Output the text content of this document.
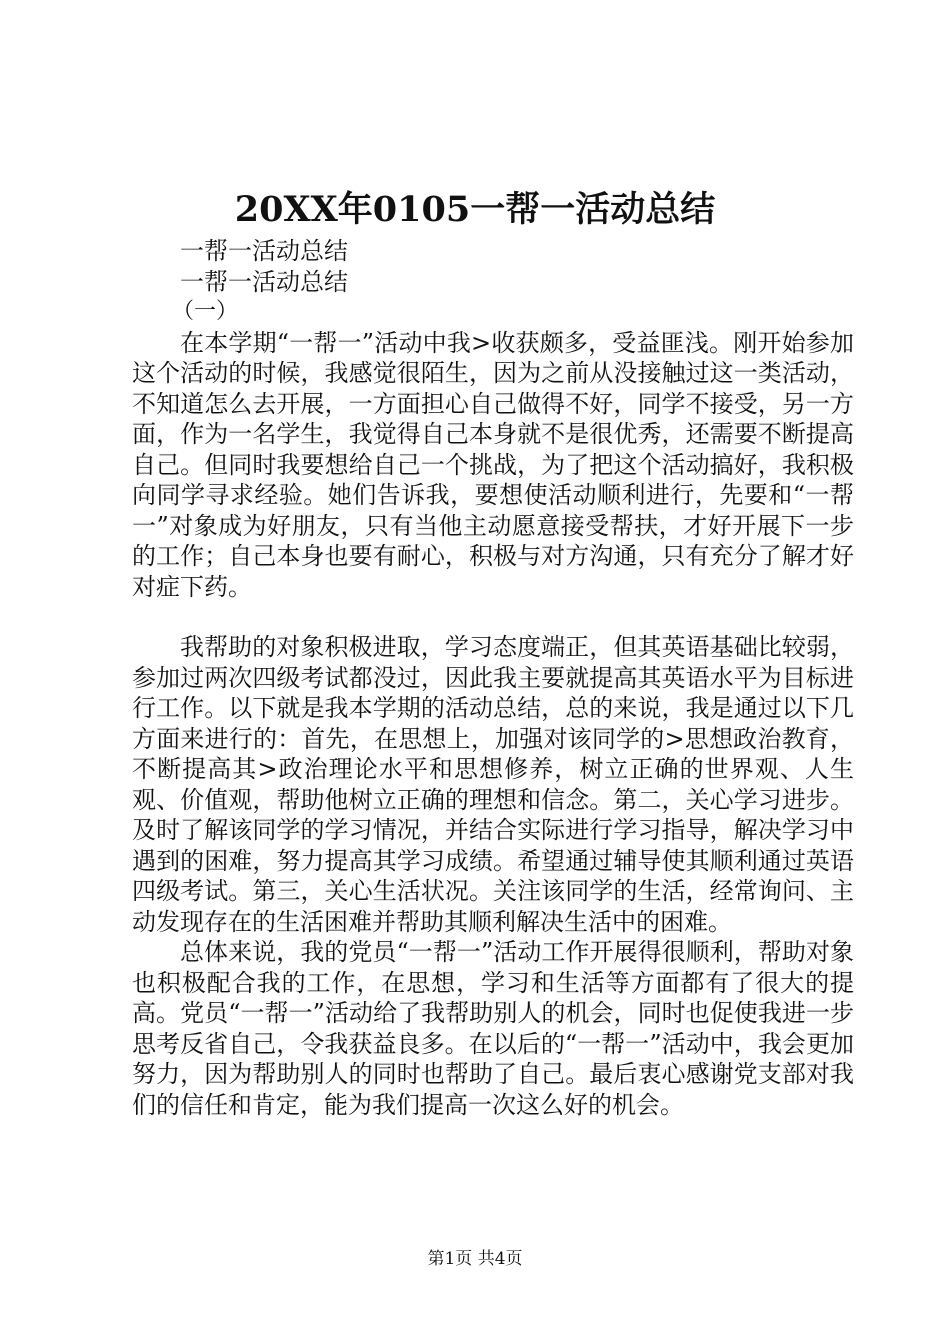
20XX年0105一帮一活动总结

一帮一活动总结

一帮一活动总结

（一）

在本学期“一帮一”活动中我>收获颇多，受益匪浅。刚开始参加这个活动的时候，我感觉很陌生，因为之前从没接触过这一类活动，不知道怎么去开展，一方面担心自己做得不好，同学不接受，另一方面，作为一名学生，我觉得自己本身就不是很优秀，还需要不断提高自己。但同时我要想给自己一个挑战，为了把这个活动搞好，我积极向同学寻求经验。她们告诉我，要想使活动顺利进行，先要和“一帮一”对象成为好朋友，只有当他主动愿意接受帮扶，才好开展下一步的工作；自己本身也要有耐心，积极与对方沟通，只有充分了解才好对症下药。

我帮助的对象积极进取，学习态度端正，但其英语基础比较弱，参加过两次四级考试都没过，因此我主要就提高其英语水平为目标进行工作。以下就是我本学期的活动总结，总的来说，我是通过以下几方面来进行的：首先，在思想上，加强对该同学的>思想政治教育，不断提高其>政治理论水平和思想修养，树立正确的世界观、人生观、价值观，帮助他树立正确的理想和信念。第二，关心学习进步。及时了解该同学的学习情况，并结合实际进行学习指导，解决学习中遇到的困难，努力提高其学习成绩。希望通过辅导使其顺利通过英语四级考试。第三，关心生活状况。关注该同学的生活，经常询问、主动发现存在的生活困难并帮助其顺利解决生活中的困难。

总体来说，我的党员“一帮一”活动工作开展得很顺利，帮助对象也积极配合我的工作，在思想，学习和生活等方面都有了很大的提高。党员“一帮一”活动给了我帮助别人的机会，同时也促使我进一步思考反省自己，令我获益良多。在以后的“一帮一”活动中，我会更加努力，因为帮助别人的同时也帮助了自己。最后衷心感谢党支部对我们的信任和肯定，能为我们提高一次这么好的机会。

第1页 共4页
